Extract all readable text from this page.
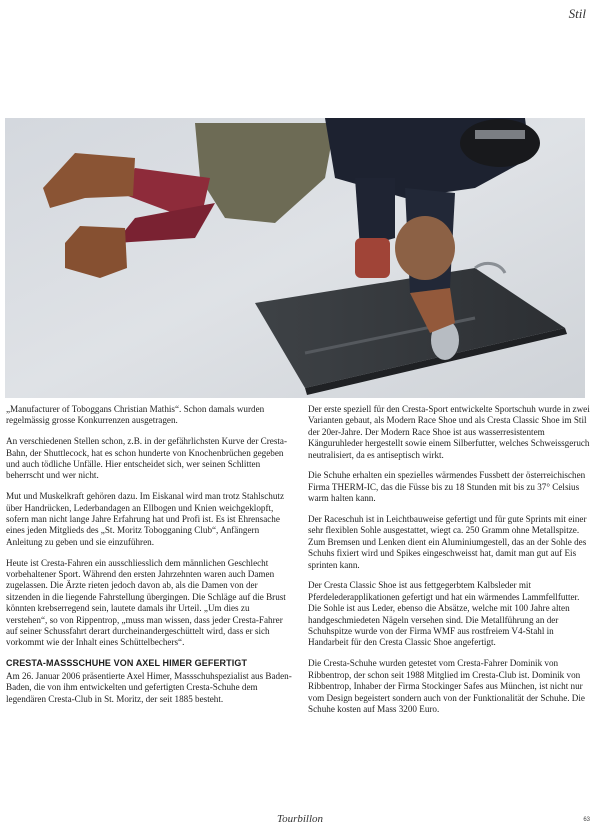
Stil

„Manufacturer of Toboggans Christian Mathis“. Schon damals wurden regelmässig grosse Konkurrenzen ausgetragen.

An verschiedenen Stellen schon, z.B. in der gefährlichsten Kurve der Cresta-Bahn, der Shuttlecock, hat es schon hunderte von Knochenbrüchen gegeben und auch tödliche Unfälle. Hier entscheidet sich, wer seinen Schlitten beherrscht und wer nicht.

Mut und Muskelkraft gehören dazu. Im Eiskanal wird man trotz Stahlschutz über Handrücken, Lederbandagen an Ellbogen und Knien weichgeklopft, sofern man nicht lange Jahre Erfahrung hat und Profi ist. Es ist Ehrensache eines jeden Mitglieds des „St. Moritz Tobogganing Club“, Anfängern Anleitung zu geben und sie einzuführen.

Heute ist Cresta-Fahren ein ausschliesslich dem männlichen Geschlecht vorbehaltener Sport. Während den ersten Jahrzehnten waren auch Damen zugelassen. Die Ärzte rieten jedoch davon ab, als die Damen von der sitzenden in die liegende Fahrstellung übergingen. Die Schläge auf die Brust könnten krebserregend sein, lautete damals ihr Urteil. „Um dies zu verstehen“, so von Rippentrop, „muss man wissen, dass jeder Cresta-Fahrer auf seiner Schussfahrt derart durcheinandergeschüttelt wird, dass er sich vorkommt wie der Inhalt eines Schüttelbechers“.

CRESTA-MASSSCHUHE VON AXEL HIMER GEFERTIGT

Am 26. Januar 2006 präsentierte Axel Himer, Massschuhspezialist aus Baden-Baden, die von ihm entwickelten und gefertigten Cresta-Schuhe dem legendären Cresta-Club in St. Moritz, der seit 1885 besteht.

Der erste speziell für den Cresta-Sport entwickelte Sportschuh wurde in zwei Varianten gebaut, als Modern Race Shoe und als Cresta Classic Shoe im Stil der 20er-Jahre. Der Modern Race Shoe ist aus wasserresistentem Känguruhleder hergestellt sowie einem Silberfutter, welches Schweissgeruch neutralisiert, da es antiseptisch wirkt.

Die Schuhe erhalten ein spezielles wärmendes Fussbett der österreichischen Firma THERM-IC, das die Füsse bis zu 18 Stunden mit bis zu 37° Celsius warm halten kann.

Der Raceschuh ist in Leichtbauweise gefertigt und für gute Sprints mit einer sehr flexiblen Sohle ausgestattet, wiegt ca. 250 Gramm ohne Metallspitze. Zum Bremsen und Lenken dient ein Aluminiumgestell, das an der Sohle des Schuhs fixiert wird und Spikes eingeschweisst hat, damit man gut auf Eis sprinten kann.

Der Cresta Classic Shoe ist aus fettgegerbtem Kalbsleder mit Pferdelederapplikationen gefertigt und hat ein wärmendes Lammfellfutter. Die Sohle ist aus Leder, ebenso die Absätze, welche mit 100 Jahre alten handgeschmiedeten Nägeln versehen sind. Die Metallführung an der Schuhspitze wurde von der Firma WMF aus rostfreiem V4-Stahl in Handarbeit für den Cresta Classic Shoe angefertigt.

Die Cresta-Schuhe wurden getestet vom Cresta-Fahrer Dominik von Ribbentrop, der schon seit 1988 Mitglied im Cresta-Club ist. Dominik von Ribbentrop, Inhaber der Firma Stockinger Safes aus München, ist nicht nur vom Design begeistert sondern auch von der Funktionalität der Schuhe. Die Schuhe kosten auf Mass 3200 Euro.

Tourbillon	63
